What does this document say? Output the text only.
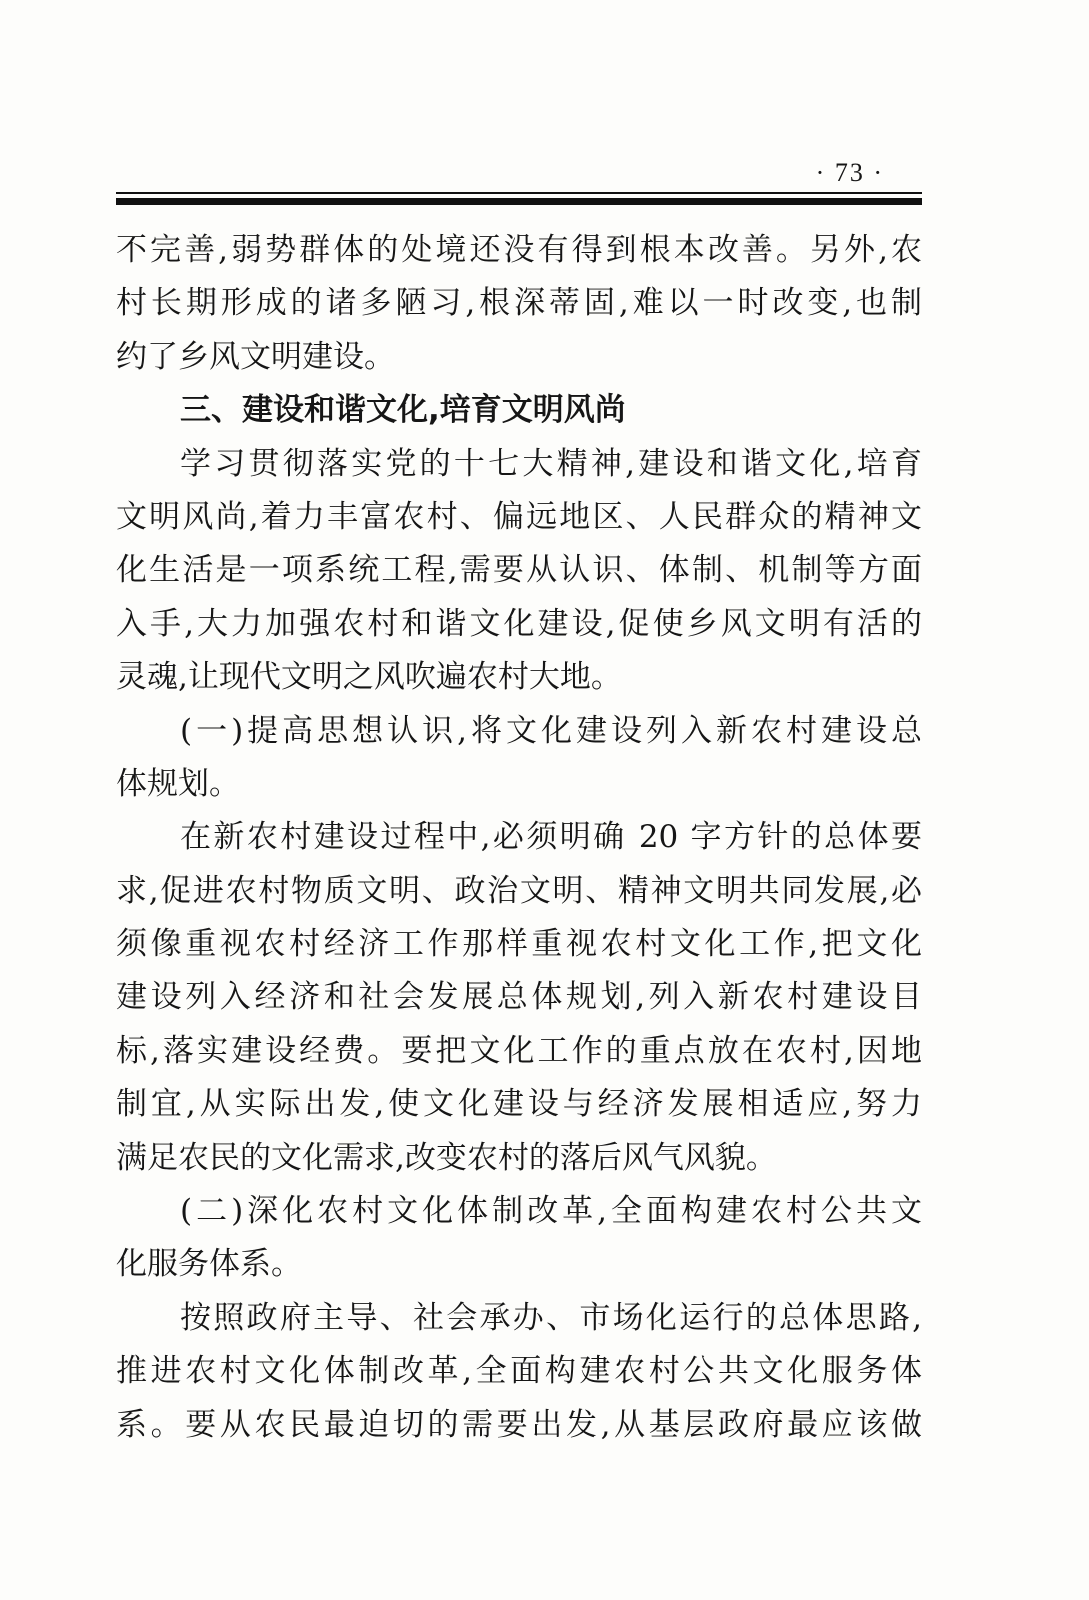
· 73 ·
不完善,弱势群体的处境还没有得到根本改善。另外,农
村长期形成的诸多陋习,根深蒂固,难以一时改变,也制
约了乡风文明建设。
三、建设和谐文化,培育文明风尚
学习贯彻落实党的十七大精神,建设和谐文化,培育
文明风尚,着力丰富农村、偏远地区、人民群众的精神文
化生活是一项系统工程,需要从认识、体制、机制等方面
入手,大力加强农村和谐文化建设,促使乡风文明有活的
灵魂,让现代文明之风吹遍农村大地。
(一)提高思想认识,将文化建设列入新农村建设总
体规划。
在新农村建设过程中,必须明确 20 字方针的总体要
求,促进农村物质文明、政治文明、精神文明共同发展,必
须像重视农村经济工作那样重视农村文化工作,把文化
建设列入经济和社会发展总体规划,列入新农村建设目
标,落实建设经费。要把文化工作的重点放在农村,因地
制宜,从实际出发,使文化建设与经济发展相适应,努力
满足农民的文化需求,改变农村的落后风气风貌。
(二)深化农村文化体制改革,全面构建农村公共文
化服务体系。
按照政府主导、社会承办、市场化运行的总体思路,
推进农村文化体制改革,全面构建农村公共文化服务体
系。要从农民最迫切的需要出发,从基层政府最应该做
